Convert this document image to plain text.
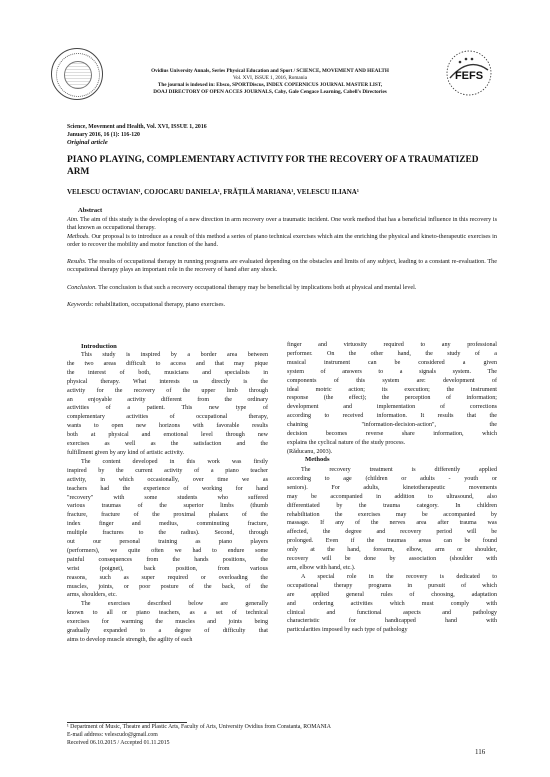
FEFS
Ovidius University Annals, Series Physical Education and Sport / SCIENCE, MOVEMENT AND HEALTH
Vol. XVI, ISSUE 1, 2016, Romania
The journal is indexed in: Ebsco, SPORTDiscus, INDEX COPERNICUS JOURNAL MASTER LIST,
DOAJ DIRECTORY OF OPEN ACCES JOURNALS, Caby, Gale Cengace Learning, Cabell's Directories
Science, Movement and Health, Vol. XVI, ISSUE 1, 2016
January 2016, 16 (1): 116-120
Original article
PIANO PLAYING, COMPLEMENTARY ACTIVITY FOR THE RECOVERY OF A TRAUMATIZED ARM
VELESCU OCTAVIAN¹, COJOCARU DANIELA¹, FRĂŢILĂ MARIANA¹, VELESCU ILIANA¹
Abstract
Aim. The aim of this study is the developing of a new direction in arm recovery over a traumatic incident. One work method that has a beneficial influence in this recovery is that known as occupational therapy.
Methods. Our proposal is to introduce as a result of this method a series of piano technical exercises which aim the enriching the physical and kineto-therapeutic exercises in order to recover the mobility and motor function of the hand.
Results. The results of occupational therapy in running programs are evaluated depending on the obstacles and limits of any subject, leading to a constant re-evaluation. The occupational therapy plays an important role in the recovery of hand after any shock.
Conclusion. The conclusion is that such a recovery occupational therapy may be beneficial by implications both at physical and mental level.
Keywords: rehabilitation, occupational therapy, piano exercises.
Introduction
This study is inspired by a border area between
the two areas difficult to access and that may pique
the interest of both, musicians and specialists in
physical therapy. What interests us directly is the
activity for the recovery of the upper limb through
an enjoyable activity different from the ordinary
activities of a patient. This new type of
complementary activities of occupational therapy,
wants to open new horizons with favorable results
both at physical and emotional level through new
exercises as well as the satisfaction and the
fulfillment given by any kind of artistic activity.
The content developed in this work was firstly
inspired by the current activity of a piano teacher
activity, in which occasionally, over time we as
teachers had the experience of working for hand
"recovery" with some students who suffered
various traumas of the superior limbs (thumb
fracture, fracture of the proximal phalanx of the
index finger and medius, comminuting fracture,
multiple fractures to the radius). Second, through
out our personal training as piano players
(performers), we quite often we had to endure some
painful consequences from the hands positions, the
wrist (poignet), back position, from various
reasons, such as super required or overloading the
muscles, joints, or poor posture of the back, of the
arms, shoulders, etc.
The exercises described below are generally
known to all or piano teachers, as a set of technical
exercises for warming the muscles and joints being
gradually expanded to a degree of difficulty that
aims to develop muscle strength, the agility of each
finger and virtuosity required to any professional
performer. On the other hand, the study of a
musical instrument can be considered a given
system of answers to a signals system. The
components of this system are: development of
ideal motric action; its execution; the instrument
response (the effect); the perception of information;
development and implementation of corrections
according to received information. It results that the
chaining "information-decision-action", the
decision becomes reverse share information, which
explains the cyclical nature of the study process.
(Răducanu, 2003).
Methods
The recovery treatment is differently applied
according to age (children or adults - youth or
seniors). For adults, kinetotherapeutic movements
may be accompanied in addition to ultrasound, also
differentiated by the trauma category. In children
rehabilitation the exercises may be accompanied by
massage. If any of the nerves area after trauma was
affected, the degree and recovery period will be
prolonged. Even if the traumas areas can be found
only at the hand, forearm, elbow, arm or shoulder,
recovery will be done by association (shoulder with
arm, elbow with hand, etc.).
A special role in the recovery is dedicated to
occupational therapy programs in pursuit of which
are applied general rules of choosing, adaptation
and ordering activities which must comply with
clinical and functional aspects and pathology
characteristic for handicapped hand with
particularities imposed by each type of pathology
¹ Department of Music, Theatre and Plastic Arts, Faculty of Arts, University Ovidius from Constanta, ROMANIA
E-mail address: velescudo@gmail.com
Received 06.10.2015 / Accepted 01.11.2015
116
